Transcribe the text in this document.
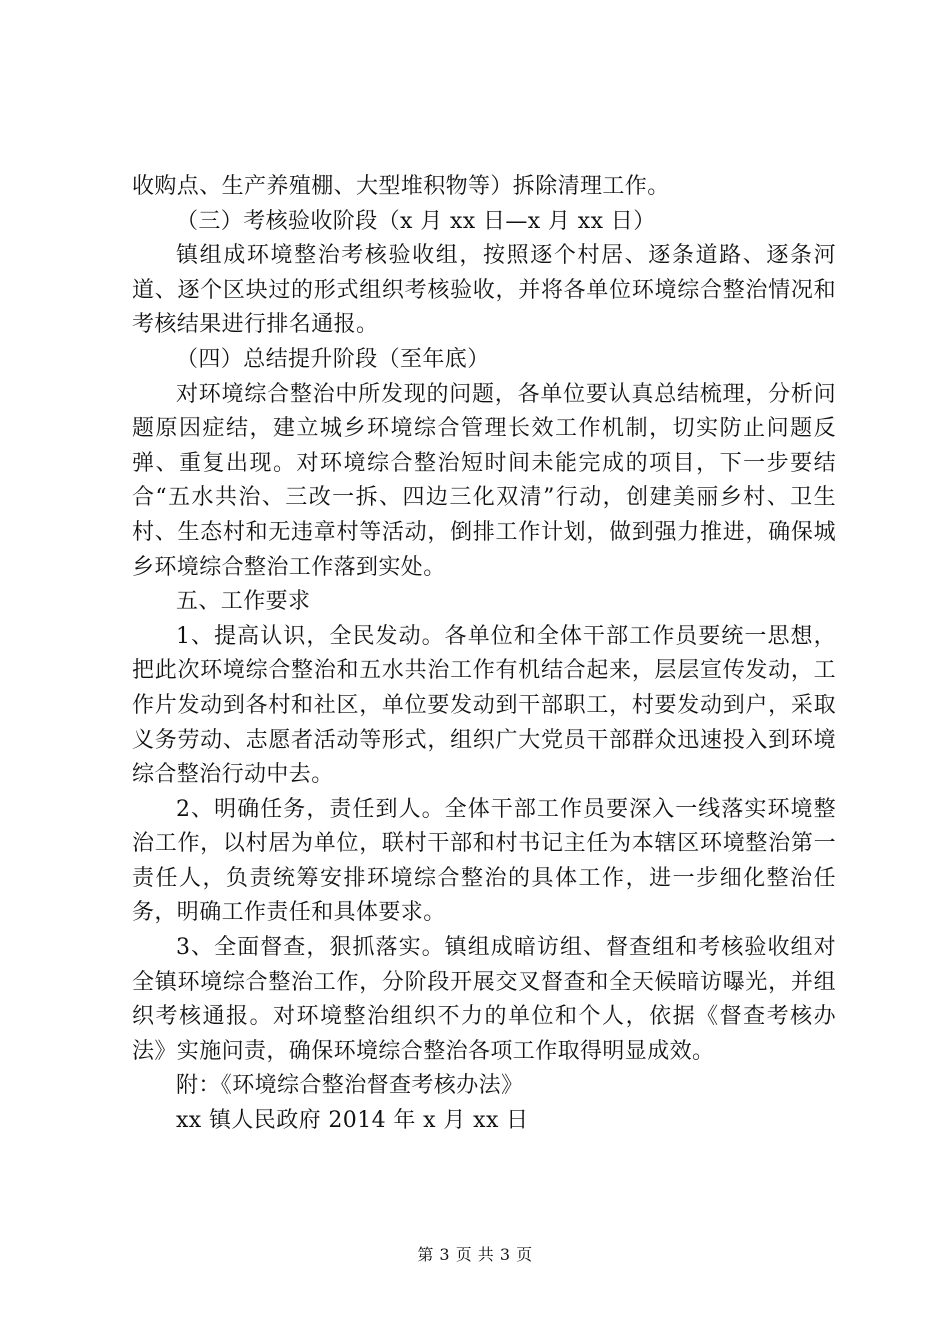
收购点、生产养殖棚、大型堆积物等）拆除清理工作。

（三）考核验收阶段（x 月 xx 日—x 月 xx 日）

镇组成环境整治考核验收组，按照逐个村居、逐条道路、逐条河道、逐个区块过的形式组织考核验收，并将各单位环境综合整治情况和考核结果进行排名通报。

（四）总结提升阶段（至年底）

对环境综合整治中所发现的问题，各单位要认真总结梳理，分析问题原因症结，建立城乡环境综合管理长效工作机制，切实防止问题反弹、重复出现。对环境综合整治短时间未能完成的项目，下一步要结合“五水共治、三改一拆、四边三化双清”行动，创建美丽乡村、卫生村、生态村和无违章村等活动，倒排工作计划，做到强力推进，确保城乡环境综合整治工作落到实处。

五、工作要求

1、提高认识，全民发动。各单位和全体干部工作员要统一思想，把此次环境综合整治和五水共治工作有机结合起来，层层宣传发动，工作片发动到各村和社区，单位要发动到干部职工，村要发动到户，采取义务劳动、志愿者活动等形式，组织广大党员干部群众迅速投入到环境综合整治行动中去。

2、明确任务，责任到人。全体干部工作员要深入一线落实环境整治工作，以村居为单位，联村干部和村书记主任为本辖区环境整治第一责任人，负责统筹安排环境综合整治的具体工作，进一步细化整治任务，明确工作责任和具体要求。

3、全面督查，狠抓落实。镇组成暗访组、督查组和考核验收组对全镇环境综合整治工作，分阶段开展交叉督查和全天候暗访曝光，并组织考核通报。对环境整治组织不力的单位和个人，依据《督查考核办法》实施问责，确保环境综合整治各项工作取得明显成效。

附：《环境综合整治督查考核办法》

xx 镇人民政府 2014 年 x 月 xx 日

第 3 页 共 3 页
